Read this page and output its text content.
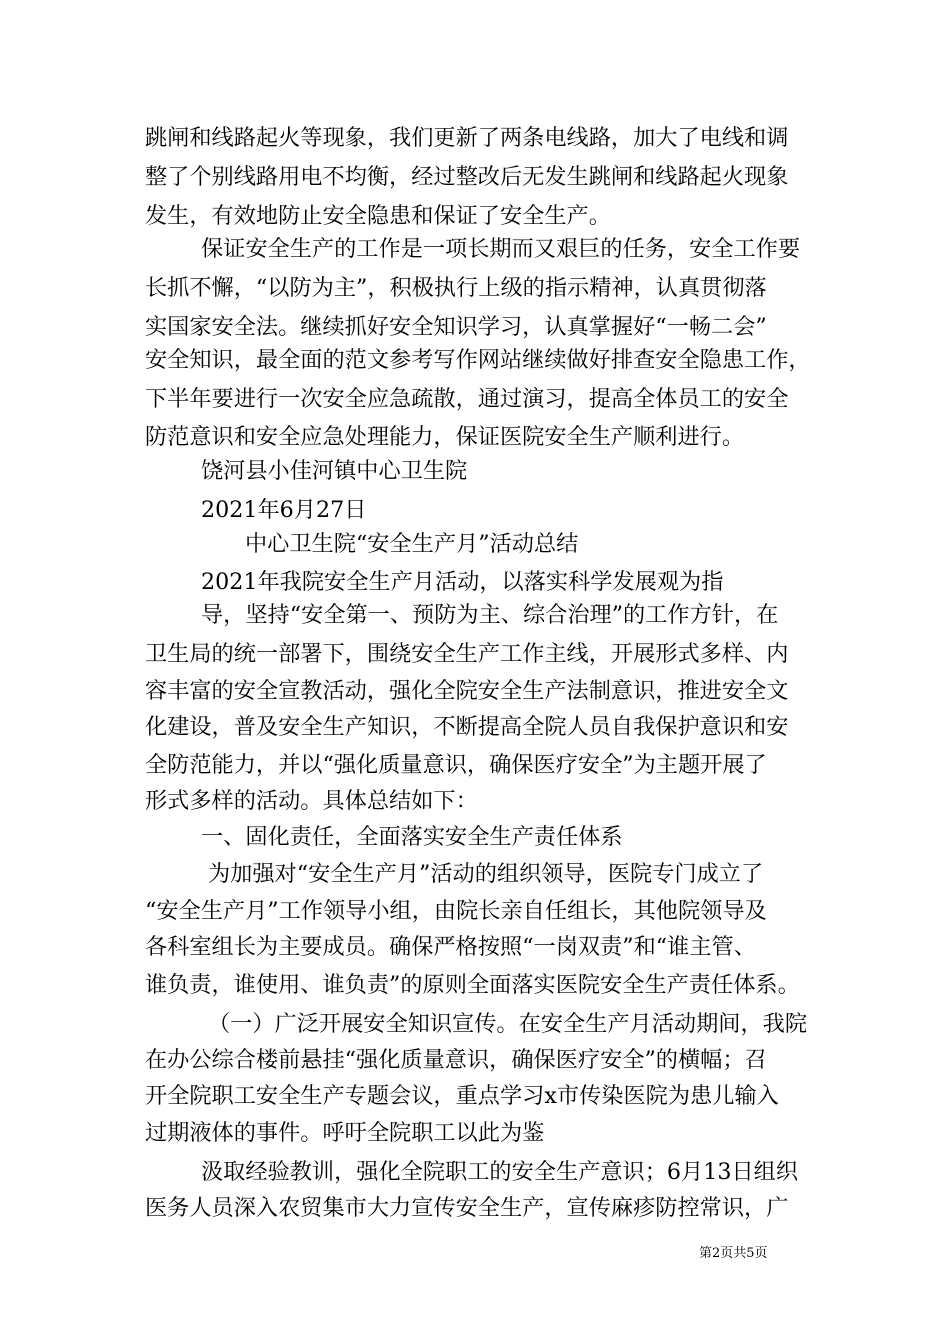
跳闸和线路起火等现象，我们更新了两条电线路，加大了电线和调
整了个别线路用电不均衡，经过整改后无发生跳闸和线路起火现象
发生，有效地防止安全隐患和保证了安全生产。
保证安全生产的工作是一项长期而又艰巨的任务，安全工作要
长抓不懈，“以防为主”，积极执行上级的指示精神，认真贯彻落
实国家安全法。继续抓好安全知识学习，认真掌握好“一畅二会”
安全知识，最全面的范文参考写作网站继续做好排查安全隐患工作，
下半年要进行一次安全应急疏散，通过演习，提高全体员工的安全
防范意识和安全应急处理能力，保证医院安全生产顺利进行。
饶河县小佳河镇中心卫生院
2021年6月27日
中心卫生院“安全生产月”活动总结
2021年我院安全生产月活动，以落实科学发展观为指
导，坚持“安全第一、预防为主、综合治理”的工作方针，在
卫生局的统一部署下，围绕安全生产工作主线，开展形式多样、内
容丰富的安全宣教活动，强化全院安全生产法制意识，推进安全文
化建设，普及安全生产知识，不断提高全院人员自我保护意识和安
全防范能力，并以“强化质量意识，确保医疗安全”为主题开展了
形式多样的活动。具体总结如下：
一、固化责任，全面落实安全生产责任体系
为加强对“安全生产月”活动的组织领导，医院专门成立了
“安全生产月”工作领导小组，由院长亲自任组长，其他院领导及
各科室组长为主要成员。确保严格按照“一岗双责”和“谁主管、
谁负责，谁使用、谁负责”的原则全面落实医院安全生产责任体系。
（一）广泛开展安全知识宣传。在安全生产月活动期间，我院
在办公综合楼前悬挂“强化质量意识，确保医疗安全”的横幅；召
开全院职工安全生产专题会议，重点学习x市传染医院为患儿输入
过期液体的事件。呼吁全院职工以此为鉴
汲取经验教训，强化全院职工的安全生产意识；6月13日组织
医务人员深入农贸集市大力宣传安全生产，宣传麻疹防控常识，广
第2页共5页
